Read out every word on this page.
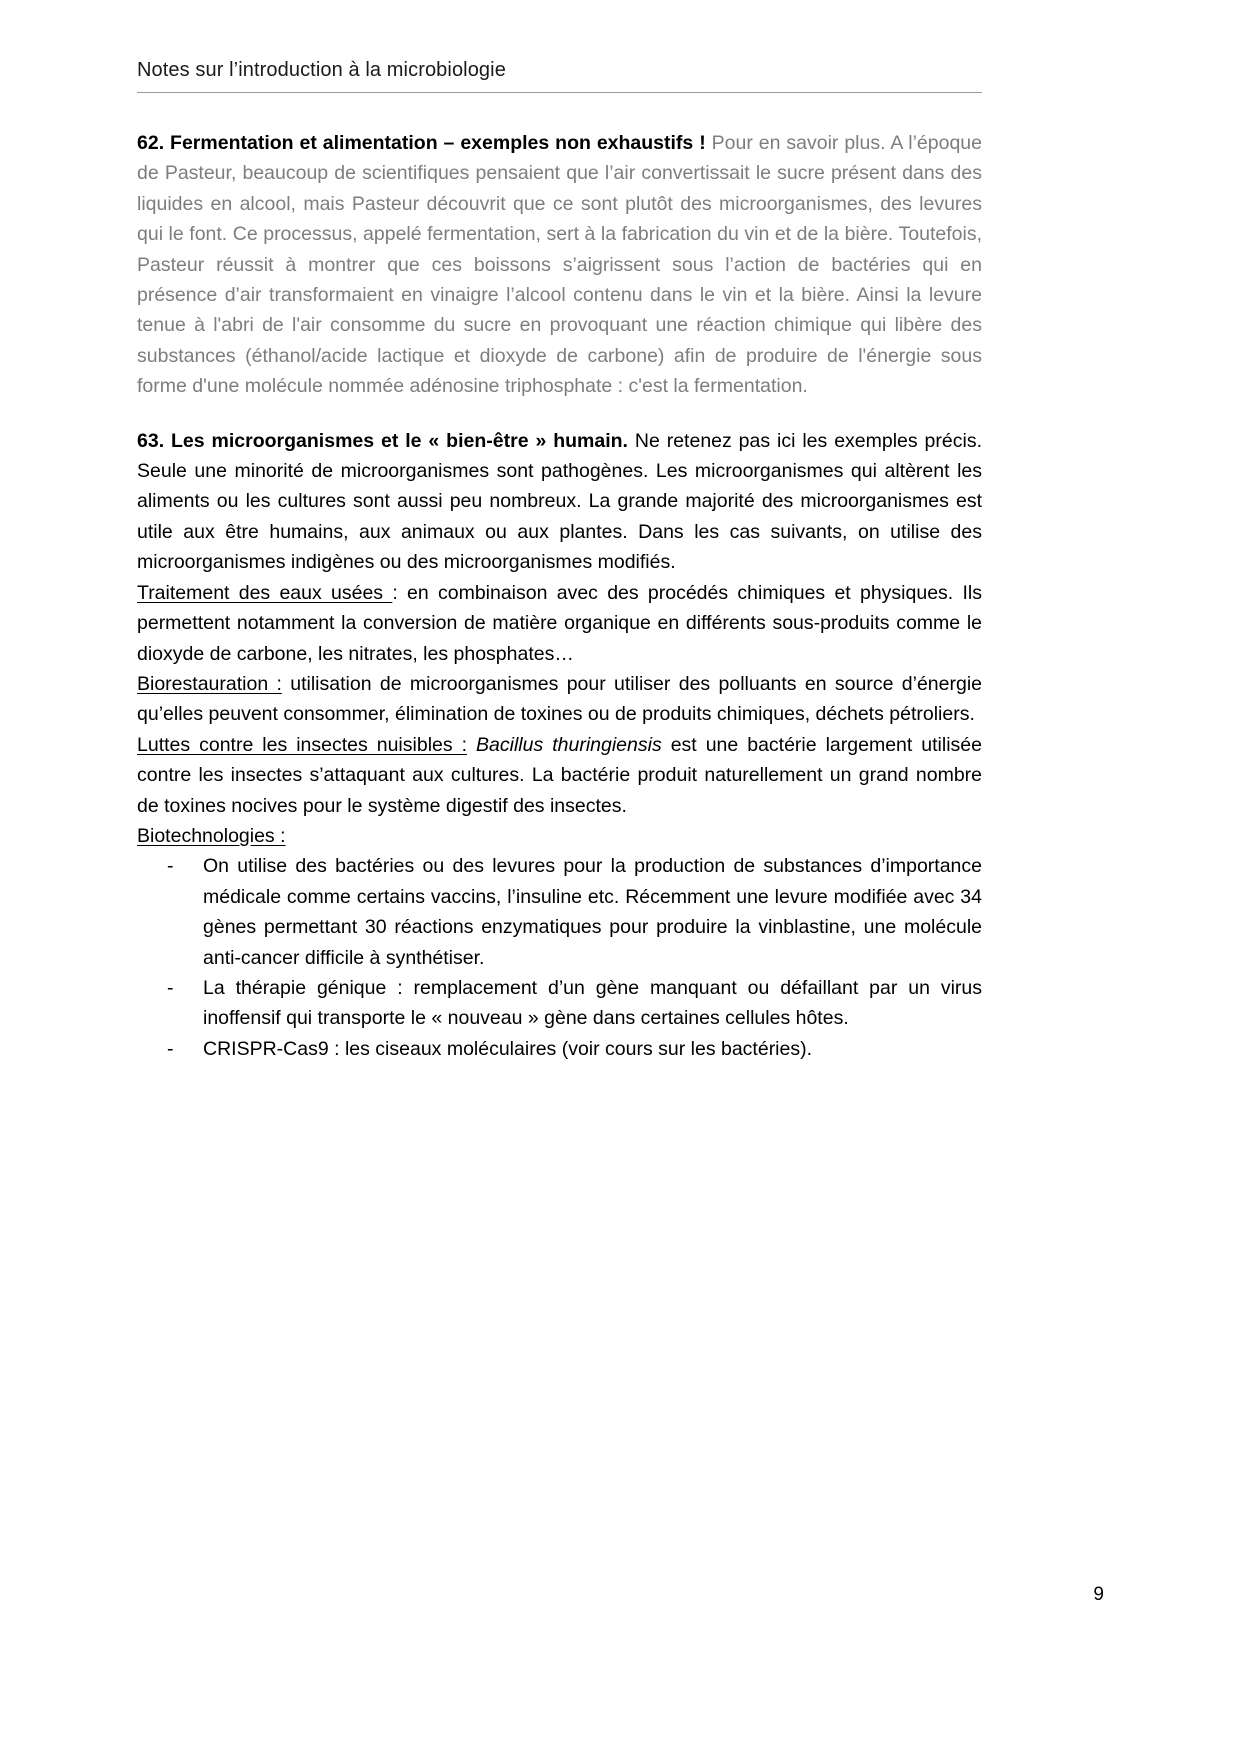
Notes sur l’introduction à la microbiologie

62. Fermentation et alimentation – exemples non exhaustifs ! Pour en savoir plus. A l’époque de Pasteur, beaucoup de scientifiques pensaient que l’air convertissait le sucre présent dans des liquides en alcool, mais Pasteur découvrit que ce sont plutôt des microorganismes, des levures qui le font. Ce processus, appelé fermentation, sert à la fabrication du vin et de la bière. Toutefois, Pasteur réussit à montrer que ces boissons s’aigrissent sous l’action de bactéries qui en présence d’air transformaient en vinaigre l’alcool contenu dans le vin et la bière. Ainsi la levure tenue à l'abri de l'air consomme du sucre en provoquant une réaction chimique qui libère des substances (éthanol/acide lactique et dioxyde de carbone) afin de produire de l'énergie sous forme d'une molécule nommée adénosine triphosphate : c'est la fermentation.

63. Les microorganismes et le « bien-être » humain. Ne retenez pas ici les exemples précis. Seule une minorité de microorganismes sont pathogènes. Les microorganismes qui altèrent les aliments ou les cultures sont aussi peu nombreux. La grande majorité des microorganismes est utile aux être humains, aux animaux ou aux plantes. Dans les cas suivants, on utilise des microorganismes indigènes ou des microorganismes modifiés.

Traitement des eaux usées : en combinaison avec des procédés chimiques et physiques. Ils permettent notamment la conversion de matière organique en différents sous-produits comme le dioxyde de carbone, les nitrates, les phosphates…

Biorestauration : utilisation de microorganismes pour utiliser des polluants en source d’énergie qu’elles peuvent consommer, élimination de toxines ou de produits chimiques, déchets pétroliers.

Luttes contre les insectes nuisibles : Bacillus thuringiensis est une bactérie largement utilisée contre les insectes s’attaquant aux cultures. La bactérie produit naturellement un grand nombre de toxines nocives pour le système digestif des insectes.

Biotechnologies :

-	On utilise des bactéries ou des levures pour la production de substances d’importance médicale comme certains vaccins, l’insuline etc. Récemment une levure modifiée avec 34 gènes permettant 30 réactions enzymatiques pour produire la vinblastine, une molécule anti-cancer difficile à synthétiser.
-	La thérapie génique : remplacement d’un gène manquant ou défaillant par un virus inoffensif qui transporte le « nouveau » gène dans certaines cellules hôtes.
-	CRISPR-Cas9 : les ciseaux moléculaires (voir cours sur les bactéries).
9
